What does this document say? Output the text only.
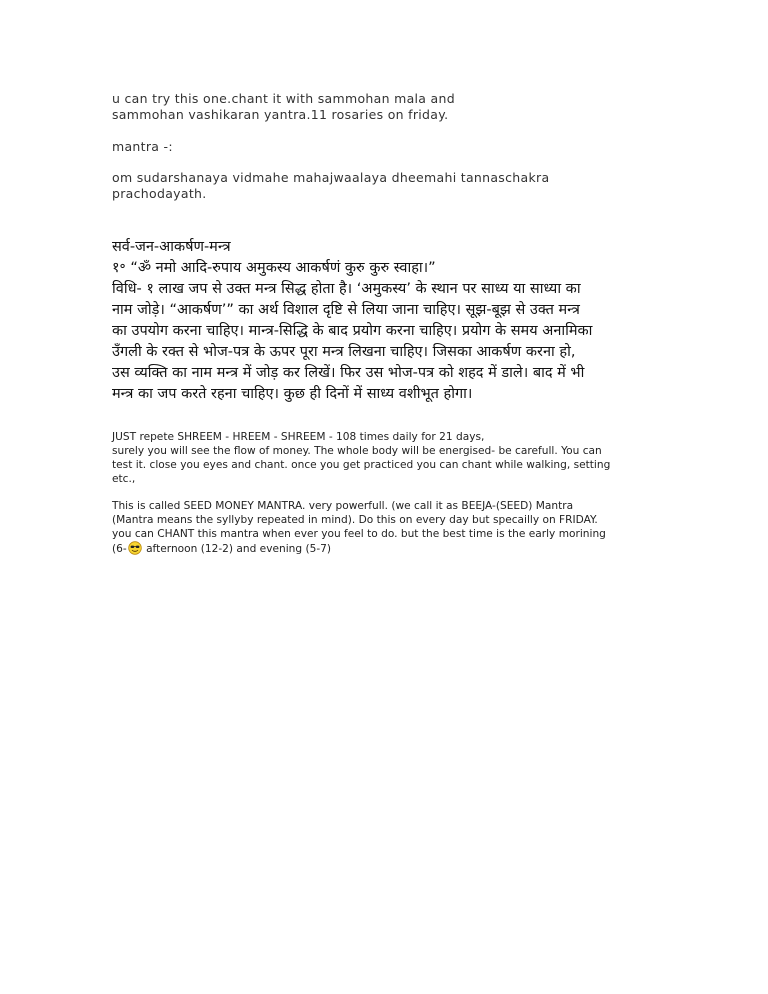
u can try this one.chant it with sammohan mala and
sammohan vashikaran yantra.11 rosaries on friday.
mantra -:
om sudarshanaya vidmahe mahajwaalaya dheemahi tannaschakra
prachodayath.
सर्व-जन-आकर्षण-मन्त्र
१॰ “ॐ नमो आदि-रुपाय अमुकस्य आकर्षणं कुरु कुरु स्वाहा।”
विधि- १ लाख जप से उक्त मन्त्र सिद्ध होता है। ‘अमुकस्य’ के स्थान पर साध्य या साध्या का
नाम जोड़े। “आकर्षण’” का अर्थ विशाल दृष्टि से लिया जाना चाहिए। सूझ-बूझ से उक्त मन्त्र
का उपयोग करना चाहिए। मान्त्र-सिद्धि के बाद प्रयोग करना चाहिए। प्रयोग के समय अनामिका
उँगली के रक्त से भोज-पत्र के ऊपर पूरा मन्त्र लिखना चाहिए। जिसका आकर्षण करना हो,
उस व्यक्ति का नाम मन्त्र में जोड़ कर लिखें। फिर उस भोज-पत्र को शहद में डाले। बाद में भी
मन्त्र का जप करते रहना चाहिए। कुछ ही दिनों में साध्य वशीभूत होगा।
JUST repete SHREEM - HREEM - SHREEM - 108 times daily for 21 days,
surely you will see the flow of money. The whole body will be energised- be carefull. You can
test it. close you eyes and chant. once you get practiced you can chant while walking, setting
etc.,
This is called SEED MONEY MANTRA. very powerfull. (we call it as BEEJA-(SEED) Mantra
(Mantra means the syllyby repeated in mind). Do this on every day but specailly on FRIDAY.
you can CHANT this mantra when ever you feel to do. but the best time is the early morining
(6- afternoon (12-2) and evening (5-7)
